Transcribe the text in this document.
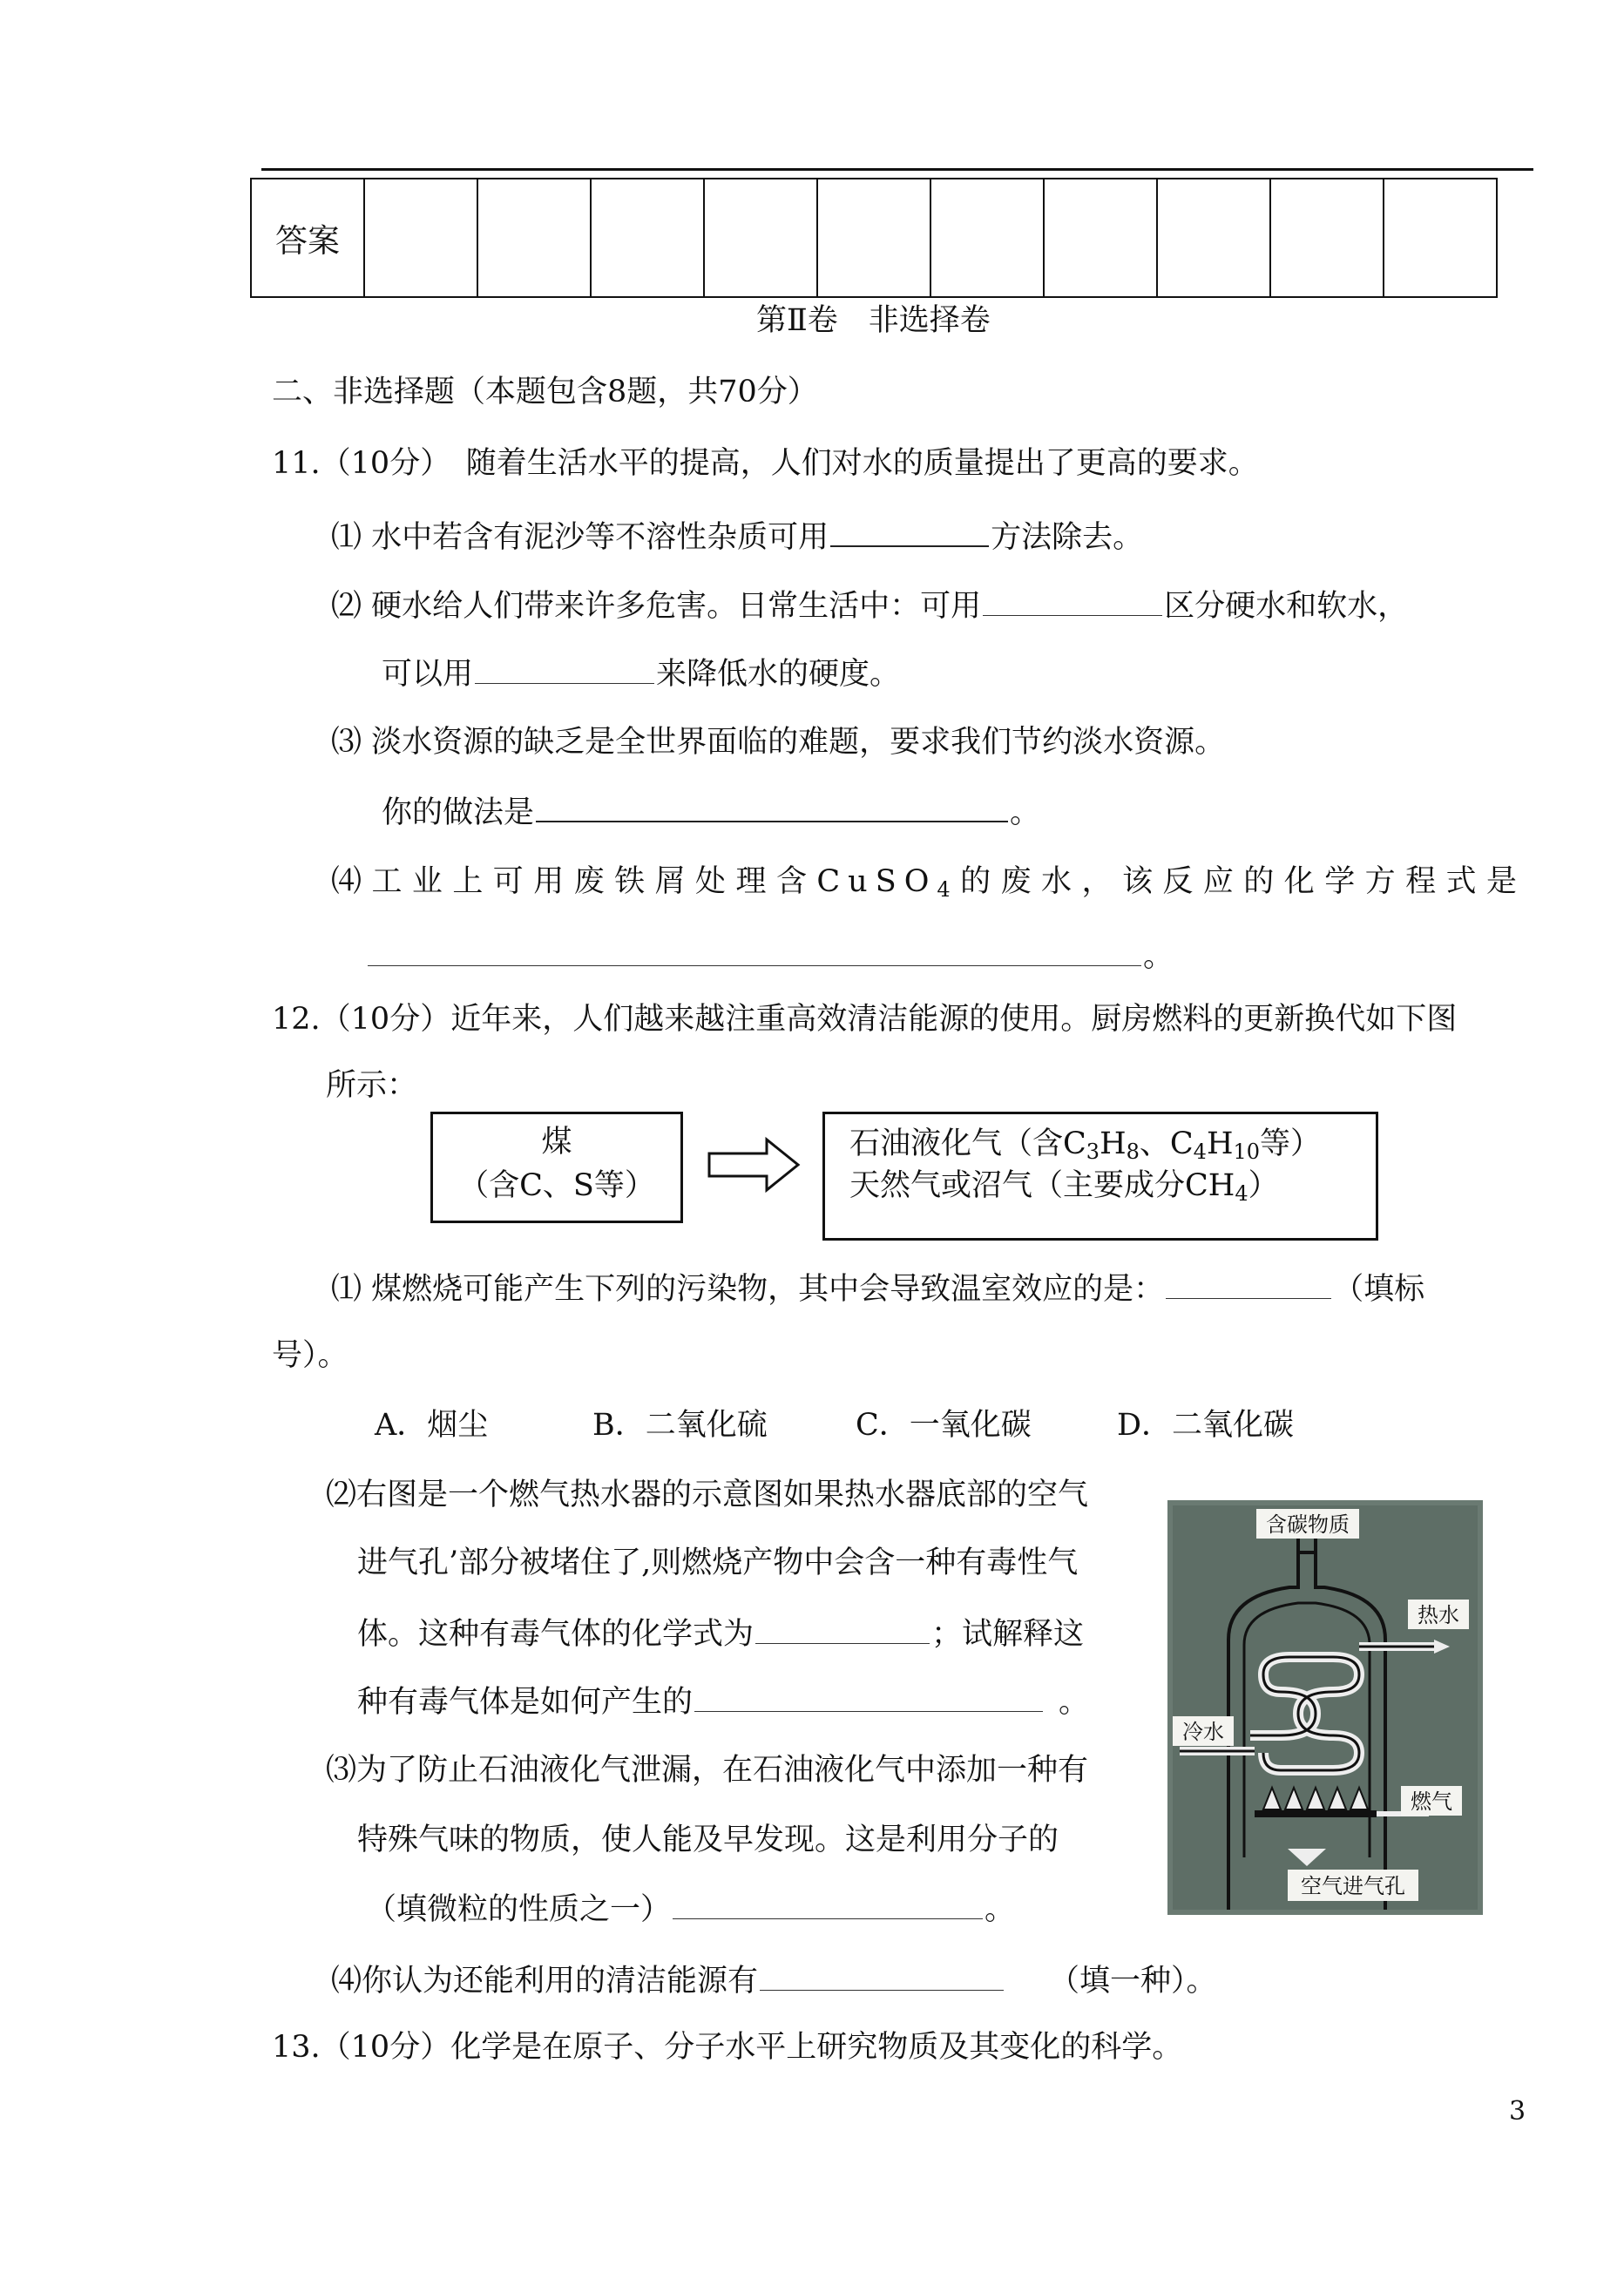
答案										
第Ⅱ卷　非选择卷
二、非选择题（本题包含8题，共70分）
11.（10分）　随着生活水平的提高，人们对水的质量提出了更高的要求。
⑴ 水中若含有泥沙等不溶性杂质可用	方法除去。
⑵ 硬水给人们带来许多危害。日常生活中：可用	区分硬水和软水，
可以用	来降低水的硬度。
⑶ 淡水资源的缺乏是全世界面临的难题，要求我们节约淡水资源。
你的做法是	。
⑷工业上可用废铁屑处理含CuSO$_4$的废水，该反应的化学方程式是
。
12.（10分）近年来，人们越来越注重高效清洁能源的使用。厨房燃料的更新换代如下图
所示：
煤
（含C、S等）
石油液化气（含$C_3H_8$、$C_4H_{10}$等）
天然气或沼气（主要成分$CH_4$）
⑴ 煤燃烧可能产生下列的污染物，其中会导致温室效应的是：	（填标
号）。
A．烟尘	B．二氧化硫	C．一氧化碳	D．二氧化碳
⑵右图是一个燃气热水器的示意图如果热水器底部的空气
进气孔’部分被堵住了,则燃烧产物中会含一种有毒性气
体。这种有毒气体的化学式为	；试解释这
种有毒气体是如何产生的	。
⑶为了防止石油液化气泄漏，在石油液化气中添加一种有
特殊气味的物质，使人能及早发现。这是利用分子的
（填微粒的性质之一）	。
⑷你认为还能利用的清洁能源有	（填一种）。
13.（10分）化学是在原子、分子水平上研究物质及其变化的科学。
含碳物质
热水
冷水
燃气
空气进气孔
3
